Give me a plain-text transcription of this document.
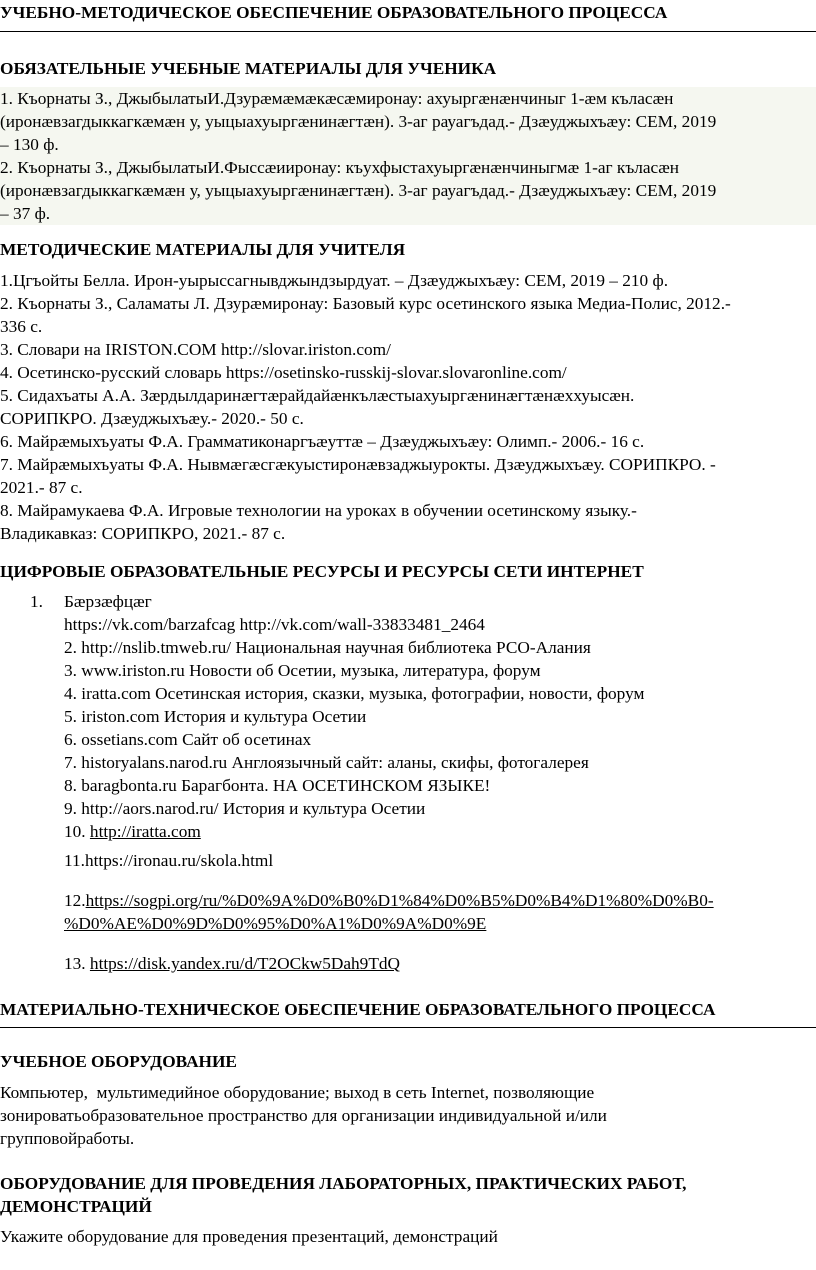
УЧЕБНО-МЕТОДИЧЕСКОЕ ОБЕСПЕЧЕНИЕ ОБРАЗОВАТЕЛЬНОГО ПРОЦЕССА
ОБЯЗАТЕЛЬНЫЕ УЧЕБНЫЕ МАТЕРИАЛЫ ДЛЯ УЧЕНИКА

1. Къорнаты З., ДжыбылатыИ.Дзурæмæмæкæсæмиронау: ахуыргæнæнчиныг 1-æм къласæн

(иронæвзагдыккагкæмæн у, уыцыахуыргæнинæгтæн). 3-аг рауагъдад.- Дзæуджыхъæу: СЕМ, 2019

– 130 ф.

2. Къорнаты З., ДжыбылатыИ.Фыссæииронау: къухфыстахуыргæнæнчиныгмæ 1-аг къласæн

(иронæвзагдыккагкæмæн у, уыцыахуыргæнинæгтæн). 3-аг рауагъдад.- Дзæуджыхъæу: СЕМ, 2019

– 37 ф.

МЕТОДИЧЕСКИЕ МАТЕРИАЛЫ ДЛЯ УЧИТЕЛЯ

1.Цгъойты Белла. Ирон-уырыссагнывджындзырдуат. – Дзæуджыхъæу: СЕМ, 2019 – 210 ф.

2. Къорнаты З., Саламаты Л. Дзурæмиронау: Базовый курс осетинского языка Медиа-Полис, 2012.-

336 с.

3. Словари на IRISTON.COM http://slovar.iriston.com/

4. Осетинско-русский словарь https://osetinsko-russkij-slovar.slovaronline.com/

5. Сидахъаты А.А. Зæрдылдаринæгтæрайдайæнкълæстыахуыргæнинæгтæнæххуысæн.

СОРИПКРО. Дзæуджыхъæу.- 2020.- 50 с.

6. Майрæмыхъуаты Ф.А. Грамматиконаргъæуттæ – Дзæуджыхъæу: Олимп.- 2006.- 16 с.

7. Майрæмыхъуаты Ф.А. Нывмæгæсгæкуыстиронæвзаджыурокты. Дзæуджыхъæу. СОРИПКРО. -

2021.- 87 с.

8. Майрамукаева Ф.А. Игровые технологии на уроках в обучении осетинскому языку.-

Владикавказ: СОРИПКРО, 2021.- 87 с.

ЦИФРОВЫЕ ОБРАЗОВАТЕЛЬНЫЕ РЕСУРСЫ И РЕСУРСЫ СЕТИ ИНТЕРНЕТ
1. Бæрзæфцæг

https://vk.com/barzafcag http://vk.com/wall-33833481_2464

2. http://nslib.tmweb.ru/ Национальная научная библиотека РСО-Алания

3. www.iriston.ru Новости об Осетии, музыка, литература, форум

4. iratta.com Осетинская история, сказки, музыка, фотографии, новости, форум

5. iriston.com История и культура Осетии

6. ossetians.com Сайт об осетинах

7. historyalans.narod.ru Англоязычный сайт: аланы, скифы, фотогалерея

8. baragbonta.ru Барагбонта. НА ОСЕТИНСКОМ ЯЗЫКЕ!

9. http://aors.narod.ru/ История и культура Осетии

10. http://iratta.com

11.https://ironau.ru/skola.html

12.https://sogpi.org/ru/%D0%9A%D0%B0%D1%84%D0%B5%D0%B4%D1%80%D0%B0-

%D0%AE%D0%9D%D0%95%D0%A1%D0%9A%D0%9E

13. https://disk.yandex.ru/d/T2OCkw5Dah9TdQ
МАТЕРИАЛЬНО-ТЕХНИЧЕСКОЕ ОБЕСПЕЧЕНИЕ ОБРАЗОВАТЕЛЬНОГО ПРОЦЕССА
УЧЕБНОЕ ОБОРУДОВАНИЕ

Компьютер,  мультимедийное оборудование; выход в сеть Internet, позволяющие

зонироватьобразовательное пространство для организации индивидуальной и/или

групповойработы.

ОБОРУДОВАНИЕ ДЛЯ ПРОВЕДЕНИЯ ЛАБОРАТОРНЫХ, ПРАКТИЧЕСКИХ РАБОТ,
ДЕМОНСТРАЦИЙ
Укажите оборудование для проведения презентаций, демонстраций
